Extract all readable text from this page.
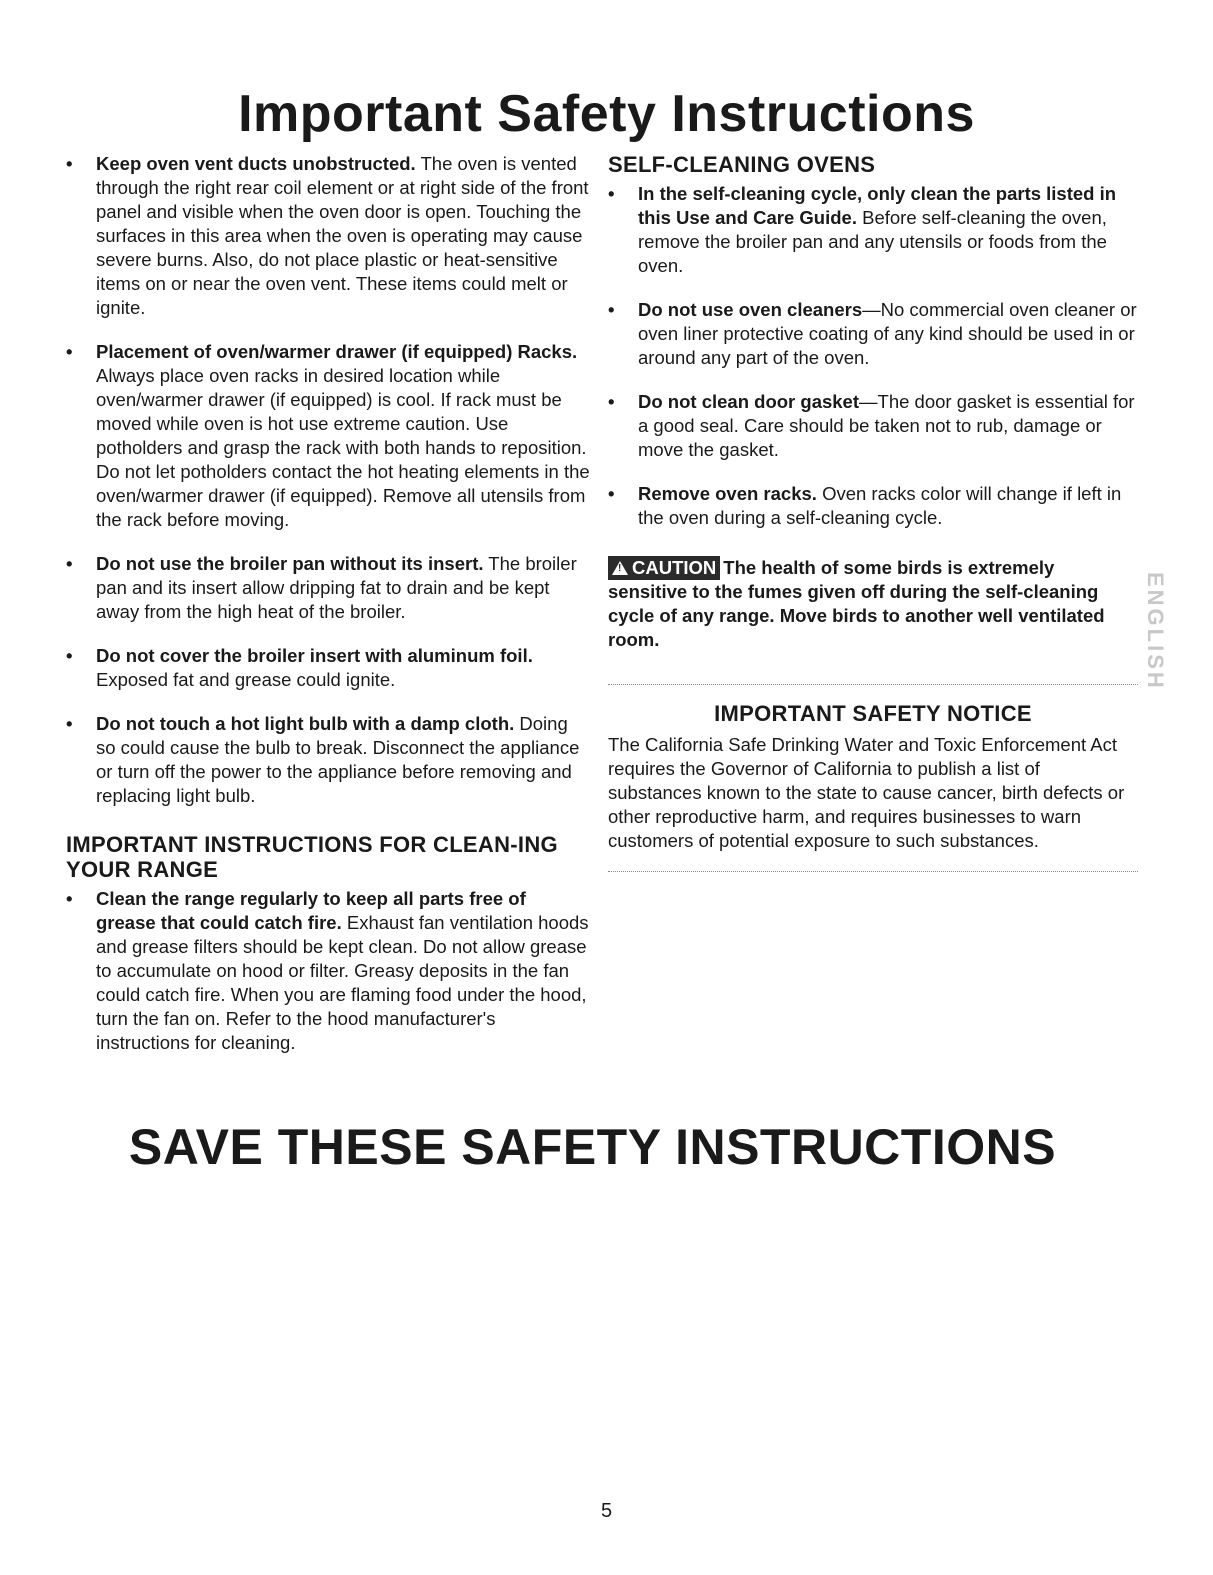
Important Safety Instructions
• Keep oven vent ducts unobstructed. The oven is vented through the right rear coil element or at right side of the front panel and visible when the oven door is open. Touching the surfaces in this area when the oven is operating may cause severe burns. Also, do not place plastic or heat-sensitive items on or near the oven vent. These items could melt or ignite.
• Placement of oven/warmer drawer (if equipped) Racks. Always place oven racks in desired location while oven/warmer drawer (if equipped) is cool. If rack must be moved while oven is hot use extreme caution. Use potholders and grasp the rack with both hands to reposition. Do not let potholders contact the hot heating elements in the oven/warmer drawer (if equipped). Remove all utensils from the rack before moving.
• Do not use the broiler pan without its insert. The broiler pan and its insert allow dripping fat to drain and be kept away from the high heat of the broiler.
• Do not cover the broiler insert with aluminum foil. Exposed fat and grease could ignite.
• Do not touch a hot light bulb with a damp cloth. Doing so could cause the bulb to break. Disconnect the appliance or turn off the power to the appliance before removing and replacing light bulb.
IMPORTANT INSTRUCTIONS FOR CLEAN-ING YOUR RANGE
• Clean the range regularly to keep all parts free of grease that could catch fire. Exhaust fan ventilation hoods and grease filters should be kept clean. Do not allow grease to accumulate on hood or filter. Greasy deposits in the fan could catch fire. When you are flaming food under the hood, turn the fan on. Refer to the hood manufacturer's instructions for cleaning.
SELF-CLEANING OVENS
• In the self-cleaning cycle, only clean the parts listed in this Use and Care Guide. Before self-cleaning the oven, remove the broiler pan and any utensils or foods from the oven.
• Do not use oven cleaners—No commercial oven cleaner or oven liner protective coating of any kind should be used in or around any part of the oven.
• Do not clean door gasket—The door gasket is essential for a good seal. Care should be taken not to rub, damage or move the gasket.
• Remove oven racks. Oven racks color will change if left in the oven during a self-cleaning cycle.
! CAUTION The health of some birds is extremely sensitive to the fumes given off during the self-cleaning cycle of any range. Move birds to another well ventilated room.
IMPORTANT SAFETY NOTICE

The California Safe Drinking Water and Toxic Enforcement Act requires the Governor of California to publish a list of substances known to the state to cause cancer, birth defects or other reproductive harm, and requires businesses to warn customers of potential exposure to such substances.

ENGLISH
SAVE THESE SAFETY INSTRUCTIONS
5
